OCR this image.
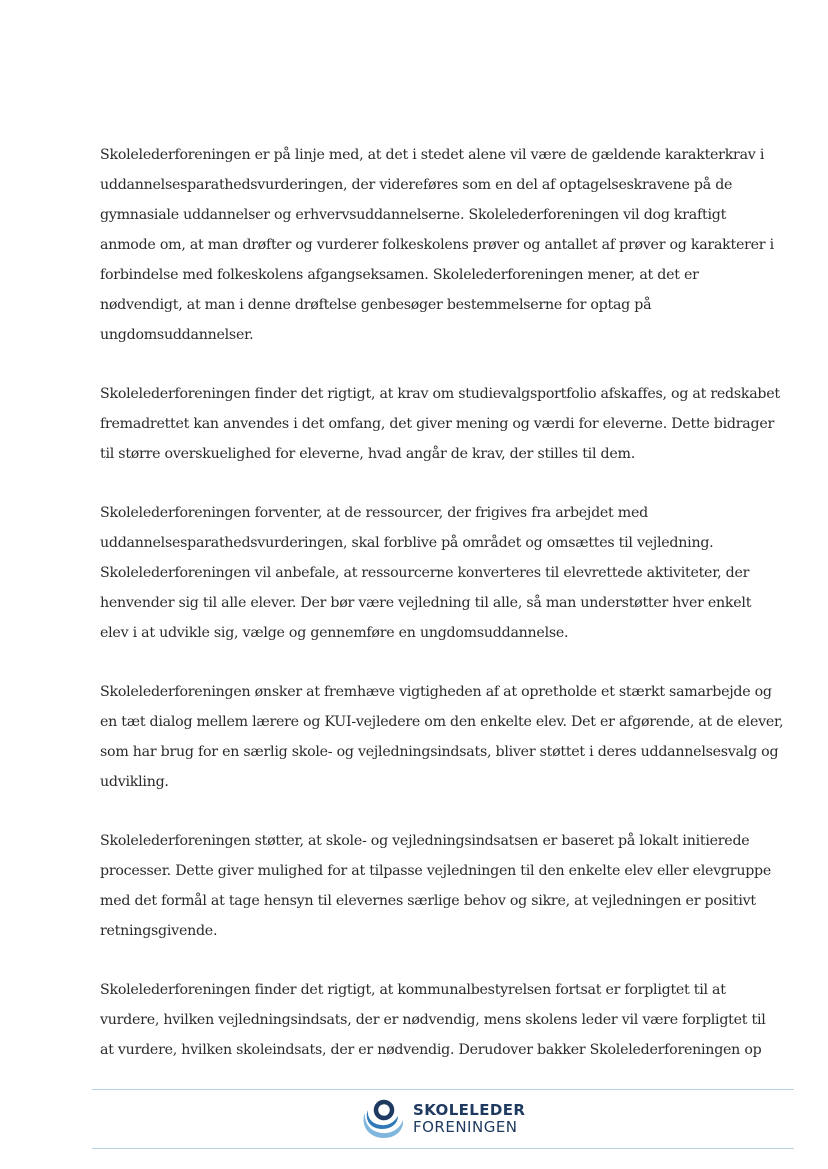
Skolelederforeningen er på linje med, at det i stedet alene vil være de gældende karakterkrav i
uddannelsesparathedsvurderingen, der videreføres som en del af optagelseskravene på de
gymnasiale uddannelser og erhvervsuddannelserne. Skolelederforeningen vil dog kraftigt
anmode om, at man drøfter og vurderer folkeskolens prøver og antallet af prøver og karakterer i
forbindelse med folkeskolens afgangseksamen. Skolelederforeningen mener, at det er
nødvendigt, at man i denne drøftelse genbesøger bestemmelserne for optag på
ungdomsuddannelser.

Skolelederforeningen finder det rigtigt, at krav om studievalgsportfolio afskaffes, og at redskabet
fremadrettet kan anvendes i det omfang, det giver mening og værdi for eleverne. Dette bidrager
til større overskuelighed for eleverne, hvad angår de krav, der stilles til dem.

Skolelederforeningen forventer, at de ressourcer, der frigives fra arbejdet med
uddannelsesparathedsvurderingen, skal forblive på området og omsættes til vejledning.
Skolelederforeningen vil anbefale, at ressourcerne konverteres til elevrettede aktiviteter, der
henvender sig til alle elever. Der bør være vejledning til alle, så man understøtter hver enkelt
elev i at udvikle sig, vælge og gennemføre en ungdomsuddannelse.

Skolelederforeningen ønsker at fremhæve vigtigheden af at opretholde et stærkt samarbejde og
en tæt dialog mellem lærere og KUI-vejledere om den enkelte elev. Det er afgørende, at de elever,
som har brug for en særlig skole- og vejledningsindsats, bliver støttet i deres uddannelsesvalg og
udvikling.

Skolelederforeningen støtter, at skole- og vejledningsindsatsen er baseret på lokalt initierede
processer. Dette giver mulighed for at tilpasse vejledningen til den enkelte elev eller elevgruppe
med det formål at tage hensyn til elevernes særlige behov og sikre, at vejledningen er positivt
retningsgivende.

Skolelederforeningen finder det rigtigt, at kommunalbestyrelsen fortsat er forpligtet til at
vurdere, hvilken vejledningsindsats, der er nødvendig, mens skolens leder vil være forpligtet til
at vurdere, hvilken skoleindsats, der er nødvendig. Derudover bakker Skolelederforeningen op

SKOLELEDER
FORENINGEN
